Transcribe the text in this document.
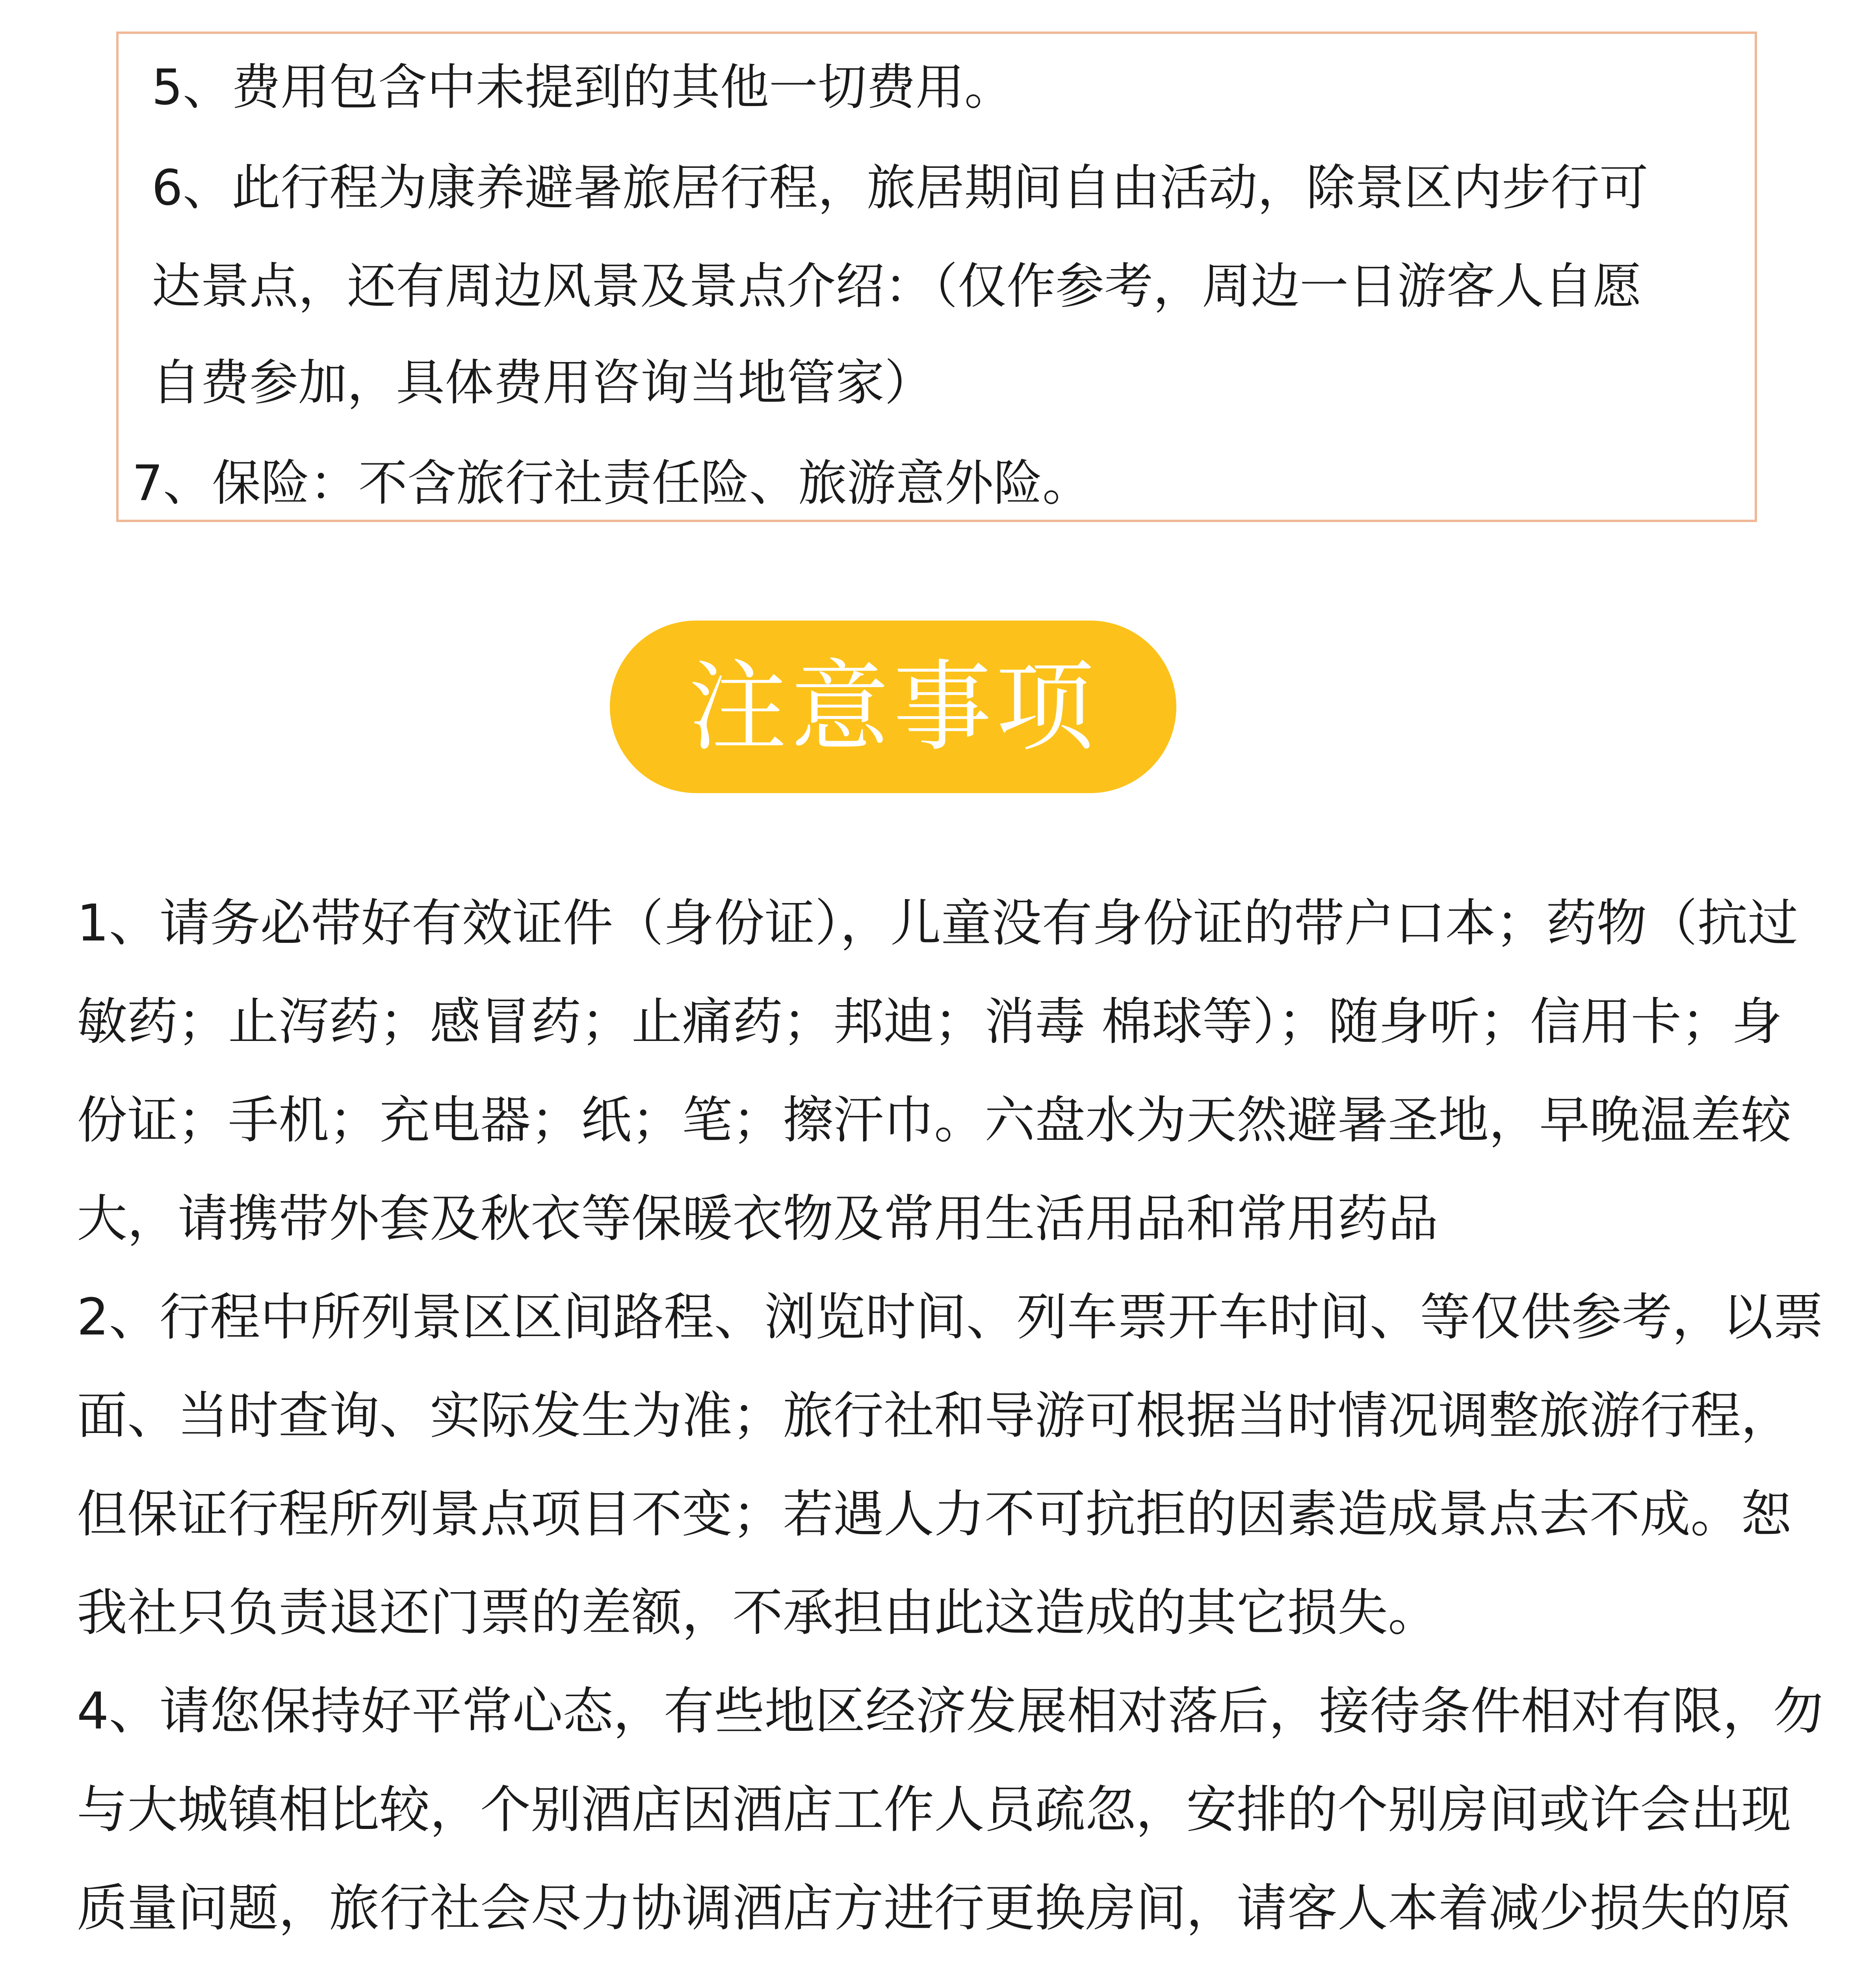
5、费用包含中未提到的其他一切费用。
6、此行程为康养避暑旅居行程，旅居期间自由活动，除景区内步行可
达景点，还有周边风景及景点介绍：（仅作参考，周边一日游客人自愿
自费参加，具体费用咨询当地管家）
7、保险：不含旅行社责任险、旅游意外险。
注意事项
1、请务必带好有效证件（身份证），儿童没有身份证的带户口本；药物（抗过
敏药；止泻药；感冒药；止痛药；邦迪；消毒 棉球等）；随身听；信用卡；身
份证；手机；充电器；纸；笔；擦汗巾。六盘水为天然避暑圣地，早晚温差较
大，请携带外套及秋衣等保暖衣物及常用生活用品和常用药品
2、行程中所列景区区间路程、浏览时间、列车票开车时间、等仅供参考，以票
面、当时查询、实际发生为准；旅行社和导游可根据当时情况调整旅游行程，
但保证行程所列景点项目不变；若遇人力不可抗拒的因素造成景点去不成。恕
我社只负责退还门票的差额，不承担由此这造成的其它损失。
4、请您保持好平常心态，有些地区经济发展相对落后，接待条件相对有限，勿
与大城镇相比较，个别酒店因酒店工作人员疏忽，安排的个别房间或许会出现
质量问题，旅行社会尽力协调酒店方进行更换房间，请客人本着减少损失的原
